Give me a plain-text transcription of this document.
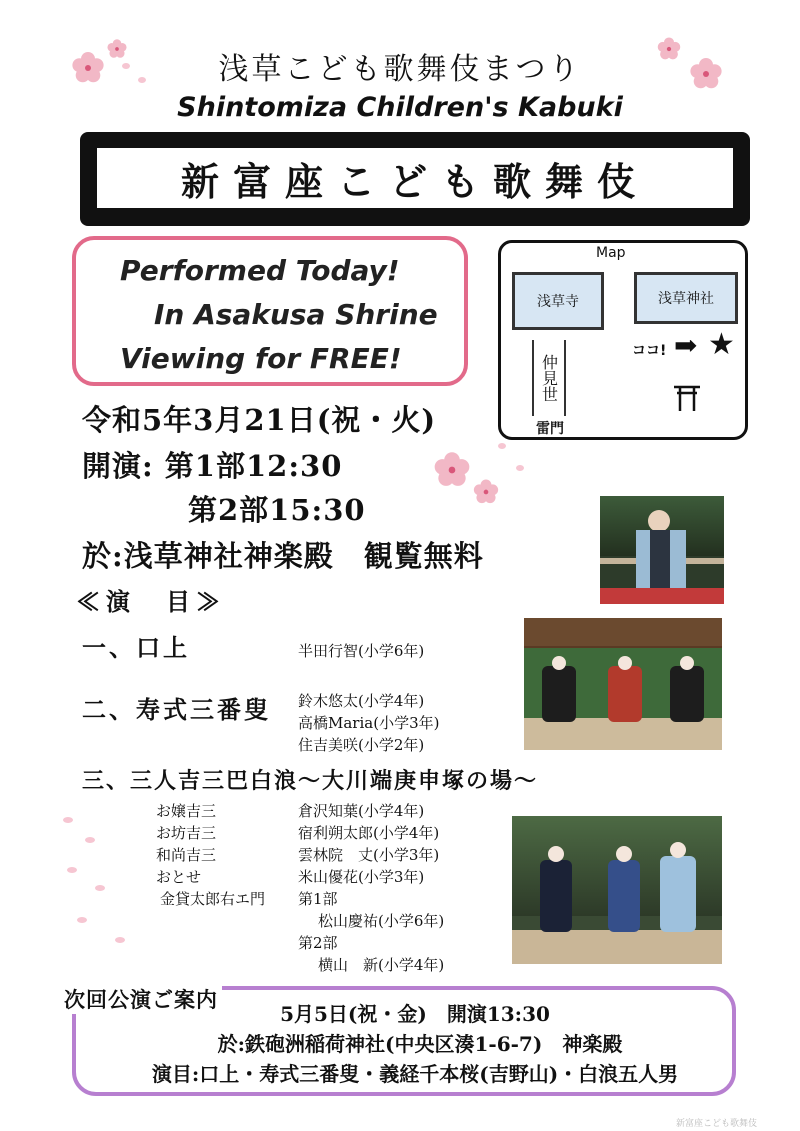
浅草こども歌舞伎まつり
Shintomiza Children's Kabuki
新富座こども歌舞伎
Performed Today!
In Asakusa Shrine
Viewing for FREE!
Map
浅草寺	浅草神社
仲見世
雷門
ココ! ➡ ★
令和5年3月21日(祝・火)
開演: 第1部12:30
第2部15:30
於:浅草神社神楽殿　観覧無料
≪演　目≫
一、口上	半田行智(小学6年)
二、寿式三番叟 鈴木悠太(小学4年)
高橋Maria(小学3年)
住吉美咲(小学2年)
三、三人吉三巴白浪～大川端庚申塚の場～
お嬢吉三	倉沢知葉(小学4年)
お坊吉三	宿利朔太郎(小学4年)
和尚吉三	雲林院　丈(小学3年)
おとせ	米山優花(小学3年)
金貸太郎右エ門 第1部
松山慶祐(小学6年)
第2部
横山　新(小学4年)
次回公演ご案内
5月5日(祝・金)　開演13:30
於:鉄砲洲稲荷神社(中央区湊1-6-7)　神楽殿
演目:口上・寿式三番叟・義経千本桜(吉野山)・白浪五人男
新富座こども歌舞伎
